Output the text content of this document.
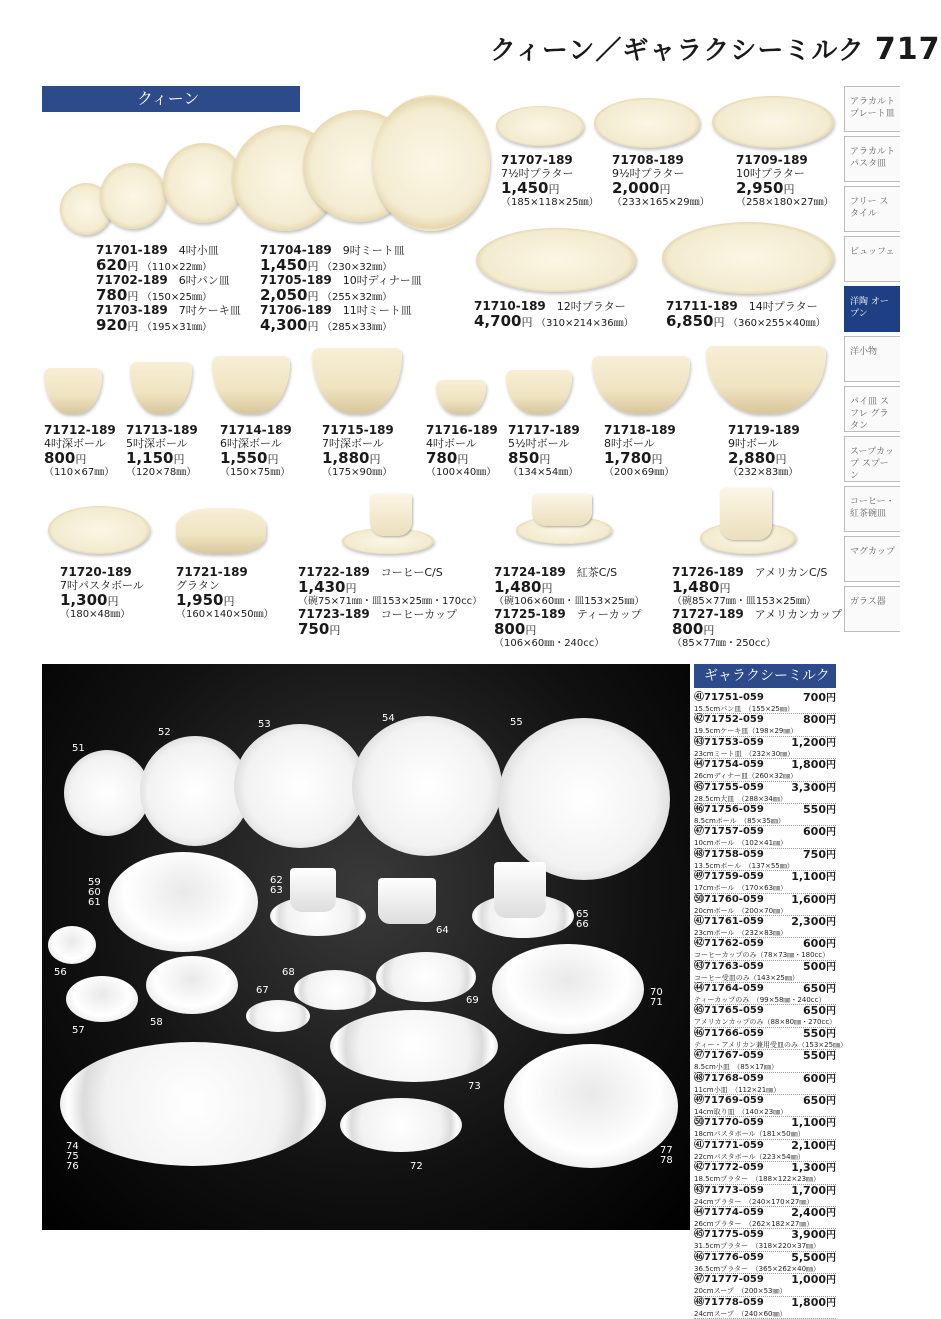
クィーン／ギャラクシーミルク 717
クィーン	アラカルト プレート皿
アラカルト パスタ皿
フリー スタイル
ビュッフェ
洋陶 オープン
洋小物
パイ皿 スフレ グラタン
スープカップ スプーン
コーヒー・ 紅茶碗皿
マグカップ
ガラス器
71701-189　 4吋小皿
620円 （110×22㎜）
71702-189　 6吋パン皿
780円 （150×25㎜）
71703-189　 7吋ケーキ皿
920円 （195×31㎜）
71704-189　 9吋ミート皿
1,450円 （230×32㎜）
71705-189　 10吋ディナー皿
2,050円 （255×32㎜）
71706-189　 11吋ミート皿
4,300円 （285×33㎜）
71707-189
7½吋プラター
1,450円
（185×118×25㎜）
71708-189
9½吋プラター
2,000円
（233×165×29㎜）
71709-189
10吋プラター
2,950円
（258×180×27㎜）
71710-189　 12吋プラター
4,700円 （310×214×36㎜）
71711-189　 14吋プラター
6,850円 （360×255×40㎜）
71712-189
4吋深ボール
800円
（110×67㎜）
71713-189
5吋深ボール
1,150円
（120×78㎜）
71714-189
6吋深ボール
1,550円
（150×75㎜）
71715-189
7吋深ボール
1,880円
（175×90㎜）
71716-189
4吋ボール
780円
（100×40㎜）
71717-189
5½吋ボール
850円
（134×54㎜）
71718-189
8吋ボール
1,780円
（200×69㎜）
71719-189
9吋ボール
2,880円
（232×83㎜）
71720-189
7吋パスタボール
1,300円
（180×48㎜）
71721-189
グラタン
1,950円
（160×140×50㎜）
71722-189　 コーヒーC/S
1,430円
（碗75×71㎜・皿153×25㎜・170cc）
71723-189　 コーヒーカップ
750円
71724-189　 紅茶C/S
1,480円
（碗106×60㎜・皿153×25㎜）
71725-189　 ティーカップ
800円
（106×60㎜・240cc）
71726-189　 アメリカンC/S
1,480円
（碗85×77㎜・皿153×25㎜）
71727-189　 アメリカンカップ
800円
（85×77㎜・250cc）
51
52
53
54	55
59
60
61
62
63
64
65
66
56
57
58
67
68
69
70
71
73
72
74
75
76
77
78
ギャラクシーミルク
㊶71751-059	700円
15.5cmパン皿　（155×25㎜）
㊷71752-059	800円
19.5cmケーキ皿（198×29㎜）
㊸71753-059 1,200円
23cmミート皿　（232×30㎜）
㊹71754-059 1,800円
26cmディナー皿（260×32㎜）
㊺71755-059 3,300円
28.5cm大皿　（288×34㎜）
㊻71756-059	550円
8.5cmボール　（85×35㎜）
㊼71757-059	600円
10cmボール　（102×41㎜）
㊽71758-059	750円
13.5cmボール　（137×55㎜）
㊾71759-059 1,100円
17cmボール　（170×63㎜）
㊿71760-059 1,600円
20cmボール　（200×70㎜）
㊶71761-059 2,300円
23cmボール　（232×83㎜）
㊷71762-059	600円
コーヒーカップのみ（78×73㎜・180cc）
㊸71763-059	500円
コーヒー受皿のみ（143×25㎜）
㊹71764-059	650円
ティーカップのみ　（99×58㎜・240cc）
㊺71765-059	650円
アメリカンカップのみ（88×80㎜・270cc）
㊻71766-059	550円
ティー・アメリカン兼用受皿のみ（153×25㎜）
㊼71767-059	550円
8.5cm小皿　（85×17㎜）
㊽71768-059	600円
11cm小皿　（112×21㎜）
㊾71769-059	650円
14cm取り皿　（140×23㎜）
㊿71770-059 1,100円
18cmパスタボール（181×50㎜）
㊶71771-059 2,100円
22cmパスタボール（223×54㎜）
㊷71772-059 1,300円
18.5cmプラター　（188×122×23㎜）
㊸71773-059 1,700円
24cmプラター　（240×170×27㎜）
㊹71774-059 2,400円
26cmプラター　（262×182×27㎜）
㊺71775-059 3,900円
31.5cmプラター　（318×220×37㎜）
㊻71776-059 5,500円
36.5cmプラター　（365×262×40㎜）
㊼71777-059 1,000円
20cmスープ　（200×53㎜）
㊽71778-059 1,800円
24cmスープ　（240×60㎜）
